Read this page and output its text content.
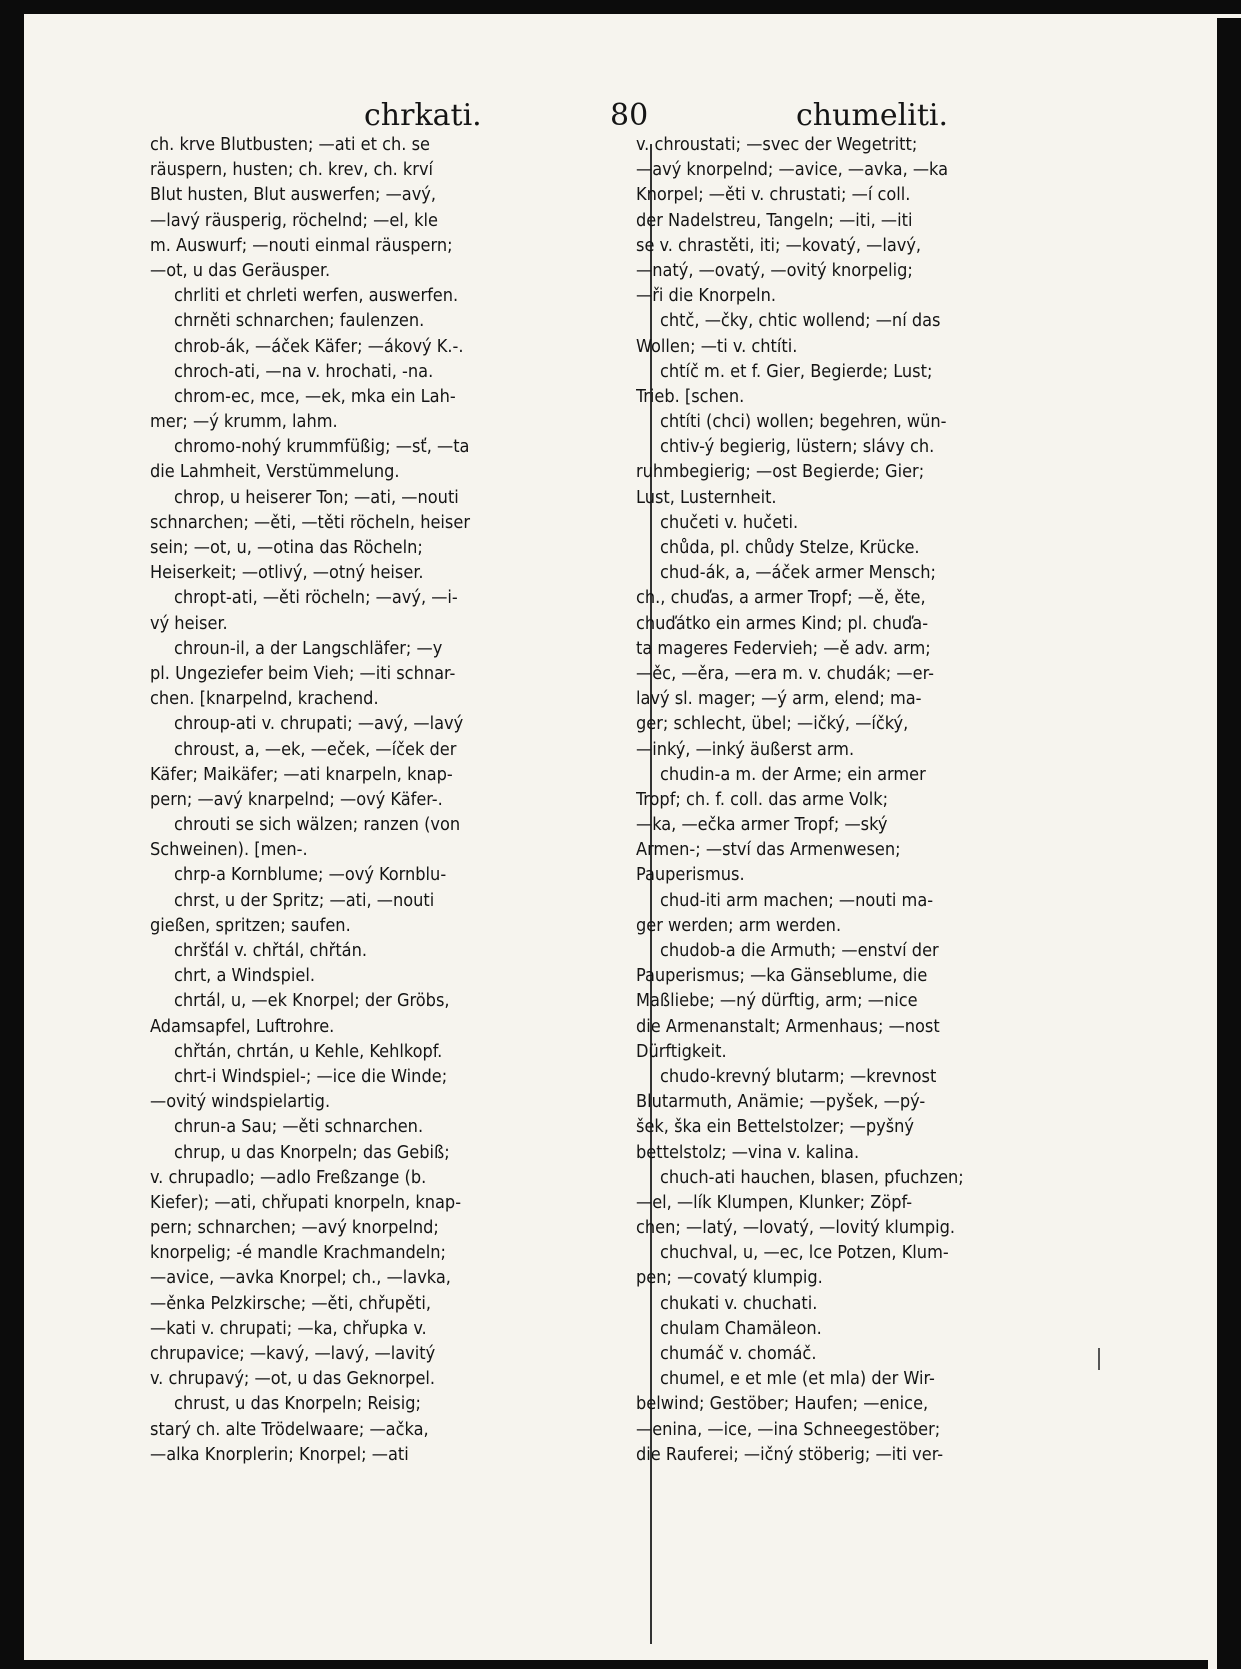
chrkati.	80	chumeliti.
ch. krve Blutbusten; —ati et ch. se
räuspern, husten; ch. krev, ch. krví
Blut husten, Blut auswerfen; —avý,
—lavý räusperig, röchelnd; —el, kle
m. Auswurf; —nouti einmal räuspern;
—ot, u das Geräusper.
chrliti et chrleti werfen, auswerfen.
chrněti schnarchen; faulenzen.
chrob-ák, —áček Käfer; —ákový K.-.
chroch-ati, —na v. hrochati, -na.
chrom-ec, mce, —ek, mka ein Lah-
mer; —ý krumm, lahm.
chromo-nohý krummfüßig; —sť, —ta
die Lahmheit, Verstümmelung.
chrop, u heiserer Ton; —ati, —nouti
schnarchen; —ěti, —těti röcheln, heiser
sein; —ot, u, —otina das Röcheln;
Heiserkeit; —otlivý, —otný heiser.
chropt-ati, —ěti röcheln; —avý, —i-
vý heiser.
chroun-il, a der Langschläfer; —y
pl. Ungeziefer beim Vieh; —iti schnar-
chen. [knarpelnd, krachend.
chroup-ati v. chrupati; —avý, —lavý
chroust, a, —ek, —eček, —íček der
Käfer; Maikäfer; —ati knarpeln, knap-
pern; —avý knarpelnd; —ový Käfer-.
chrouti se sich wälzen; ranzen (von
Schweinen). [men-.
chrp-a Kornblume; —ový Kornblu-
chrst, u der Spritz; —ati, —nouti
gießen, spritzen; saufen.
chršťál v. chřtál, chřtán.
chrt, a Windspiel.
chrtál, u, —ek Knorpel; der Gröbs,
Adamsapfel, Luftrohre.
chřtán, chrtán, u Kehle, Kehlkopf.
chrt-i Windspiel-; —ice die Winde;
—ovitý windspielartig.
chrun-a Sau; —ěti schnarchen.
chrup, u das Knorpeln; das Gebiß;
v. chrupadlo; —adlo Freßzange (b.
Kiefer); —ati, chřupati knorpeln, knap-
pern; schnarchen; —avý knorpelnd;
knorpelig; -é mandle Krachmandeln;
—avice, —avka Knorpel; ch., —lavka,
—ěnka Pelzkirsche; —ěti, chřupěti,
—kati v. chrupati; —ka, chřupka v.
chrupavice; —kavý, —lavý, —lavitý
v. chrupavý; —ot, u das Geknorpel.
chrust, u das Knorpeln; Reisig;
starý ch. alte Trödelwaare; —ačka,
—alka Knorplerin; Knorpel; —ati
v. chroustati; —svec der Wegetritt;
—avý knorpelnd; —avice, —avka, —ka
Knorpel; —ěti v. chrustati; —í coll.
der Nadelstreu, Tangeln; —iti, —iti
se v. chrastěti, iti; —kovatý, —lavý,
—natý, —ovatý, —ovitý knorpelig;
—ři die Knorpeln.
chtč, —čky, chtic wollend; —ní das
Wollen; —ti v. chtíti.
chtíč m. et f. Gier, Begierde; Lust;
Trieb. [schen.
chtíti (chci) wollen; begehren, wün-
chtiv-ý begierig, lüstern; slávy ch.
ruhmbegierig; —ost Begierde; Gier;
Lust, Lusternheit.
chučeti v. hučeti.
chůda, pl. chůdy Stelze, Krücke.
chud-ák, a, —áček armer Mensch;
ch., chuďas, a armer Tropf; —ě, ěte,
chuďátko ein armes Kind; pl. chuďa-
ta mageres Federvieh; —ě adv. arm;
—ěc, —ěra, —era m. v. chudák; —er-
lavý sl. mager; —ý arm, elend; ma-
ger; schlecht, übel; —ičký, —íčký,
—inký, —inký äußerst arm.
chudin-a m. der Arme; ein armer
Tropf; ch. f. coll. das arme Volk;
—ka, —ečka armer Tropf; —ský
Armen-; —ství das Armenwesen;
Pauperismus.
chud-iti arm machen; —nouti ma-
ger werden; arm werden.
chudob-a die Armuth; —enství der
Pauperismus; —ka Gänseblume, die
Maßliebe; —ný dürftig, arm; —nice
die Armenanstalt; Armenhaus; —nost
Dürftigkeit.
chudo-krevný blutarm; —krevnost
Blutarmuth, Anämie; —pyšek, —pý-
šek, ška ein Bettelstolzer; —pyšný
bettelstolz; —vina v. kalina.
chuch-ati hauchen, blasen, pfuchzen;
—el, —lík Klumpen, Klunker; Zöpf-
chen; —latý, —lovatý, —lovitý klumpig.
chuchval, u, —ec, lce Potzen, Klum-
pen; —covatý klumpig.
chukati v. chuchati.
chulam Chamäleon.
chumáč v. chomáč.
chumel, e et mle (et mla) der Wir-
belwind; Gestöber; Haufen; —enice,
—enina, —ice, —ina Schneegestöber;
die Rauferei; —ičný stöberig; —iti ver-
